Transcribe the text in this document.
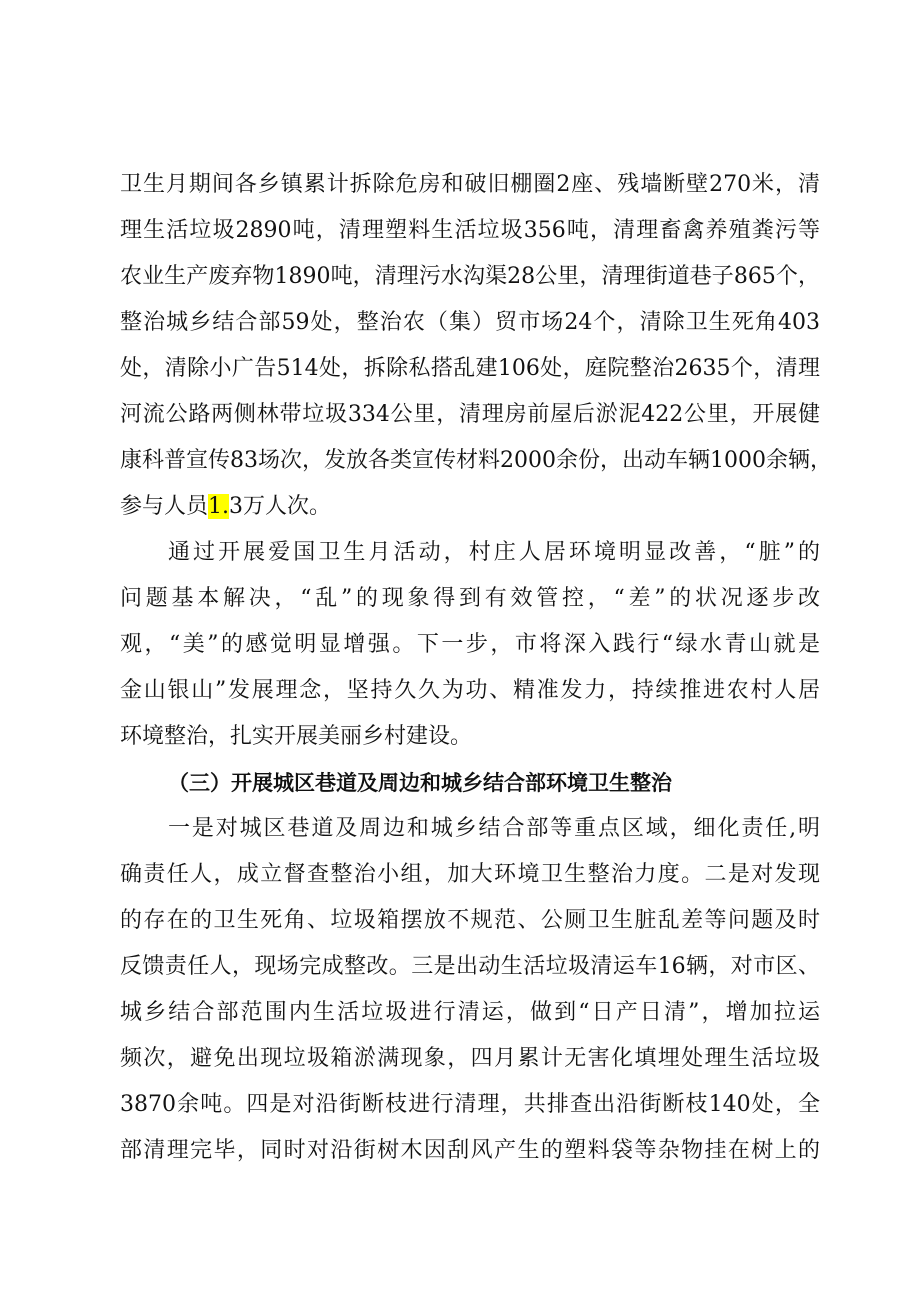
卫生月期间各乡镇累计拆除危房和破旧棚圈2座、残墙断壁270米，清
理生活垃圾2890吨，清理塑料生活垃圾356吨，清理畜禽养殖粪污等
农业生产废弃物1890吨，清理污水沟渠28公里，清理街道巷子865个，
整治城乡结合部59处，整治农（集）贸市场24个，清除卫生死角403
处，清除小广告514处，拆除私搭乱建106处，庭院整治2635个，清理
河流公路两侧林带垃圾334公里，清理房前屋后淤泥422公里，开展健
康科普宣传83场次，发放各类宣传材料2000余份，出动车辆1000余辆，
参与人员1.3万人次。
通过开展爱国卫生月活动，村庄人居环境明显改善，“脏”的
问题基本解决，“乱”的现象得到有效管控，“差”的状况逐步改
观，“美”的感觉明显增强。下一步，市将深入践行“绿水青山就是
金山银山”发展理念，坚持久久为功、精准发力，持续推进农村人居
环境整治，扎实开展美丽乡村建设。
（三）开展城区巷道及周边和城乡结合部环境卫生整治
一是对城区巷道及周边和城乡结合部等重点区域，细化责任,明
确责任人，成立督查整治小组，加大环境卫生整治力度。二是对发现
的存在的卫生死角、垃圾箱摆放不规范、公厕卫生脏乱差等问题及时
反馈责任人，现场完成整改。三是出动生活垃圾清运车16辆，对市区、
城乡结合部范围内生活垃圾进行清运，做到“日产日清”，增加拉运
频次，避免出现垃圾箱淤满现象，四月累计无害化填埋处理生活垃圾
3870余吨。四是对沿街断枝进行清理，共排查出沿街断枝140处，全
部清理完毕，同时对沿街树木因刮风产生的塑料袋等杂物挂在树上的
